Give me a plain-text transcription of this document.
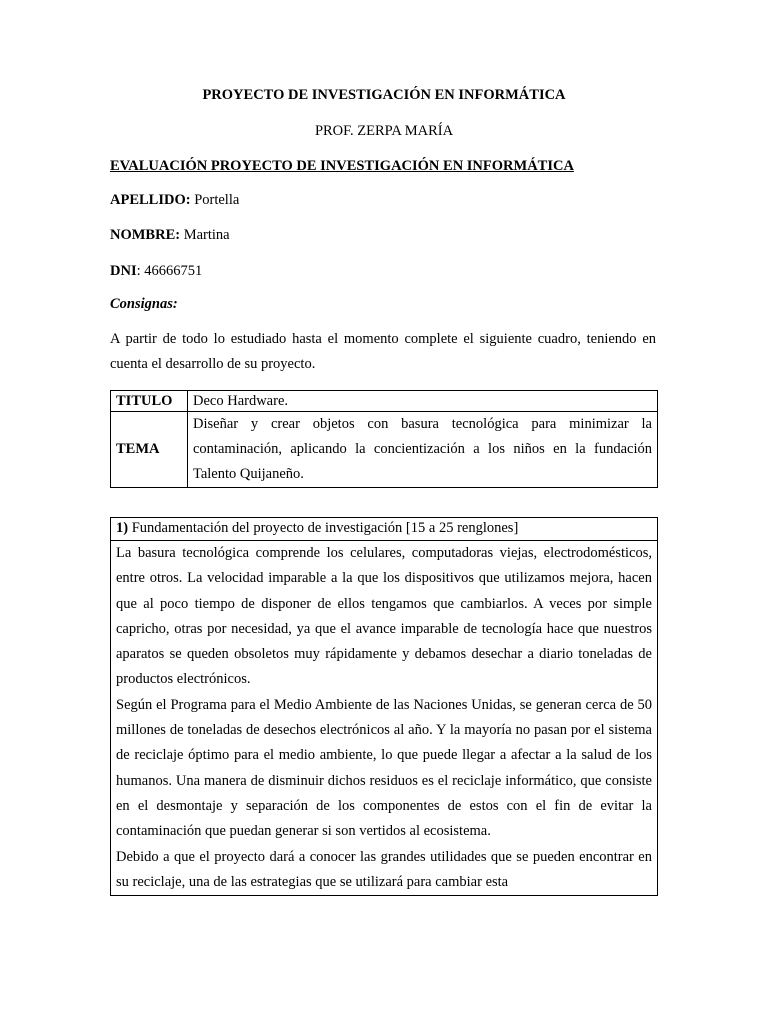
PROYECTO DE INVESTIGACIÓN EN INFORMÁTICA
PROF. ZERPA MARÍA
EVALUACIÓN PROYECTO DE INVESTIGACIÓN EN INFORMÁTICA
APELLIDO: Portella
NOMBRE: Martina
DNI: 46666751
Consignas:
A partir de todo lo estudiado hasta el momento complete el siguiente cuadro, teniendo en cuenta el desarrollo de su proyecto.
TITULO	Deco Hardware.
TEMA	Diseñar y crear objetos con basura tecnológica para minimizar la contaminación, aplicando la concientización a los niños en la fundación Talento Quijaneño.
1) Fundamentación del proyecto de investigación [15 a 25 renglones]

La basura tecnológica comprende los celulares, computadoras viejas, electrodomésticos, entre otros. La velocidad imparable a la que los dispositivos que utilizamos mejora, hacen que al poco tiempo de disponer de ellos tengamos que cambiarlos. A veces por simple capricho, otras por necesidad, ya que el avance imparable de tecnología hace que nuestros aparatos se queden obsoletos muy rápidamente y debamos desechar a diario toneladas de productos electrónicos.

Según el Programa para el Medio Ambiente de las Naciones Unidas, se generan cerca de 50 millones de toneladas de desechos electrónicos al año. Y la mayoría no pasan por el sistema de reciclaje óptimo para el medio ambiente, lo que puede llegar a afectar a la salud de los humanos. Una manera de disminuir dichos residuos es el reciclaje informático, que consiste en el desmontaje y separación de los componentes de estos con el fin de evitar la contaminación que puedan generar si son vertidos al ecosistema.

Debido a que el proyecto dará a conocer las grandes utilidades que se pueden encontrar en su reciclaje, una de las estrategias que se utilizará para cambiar esta
